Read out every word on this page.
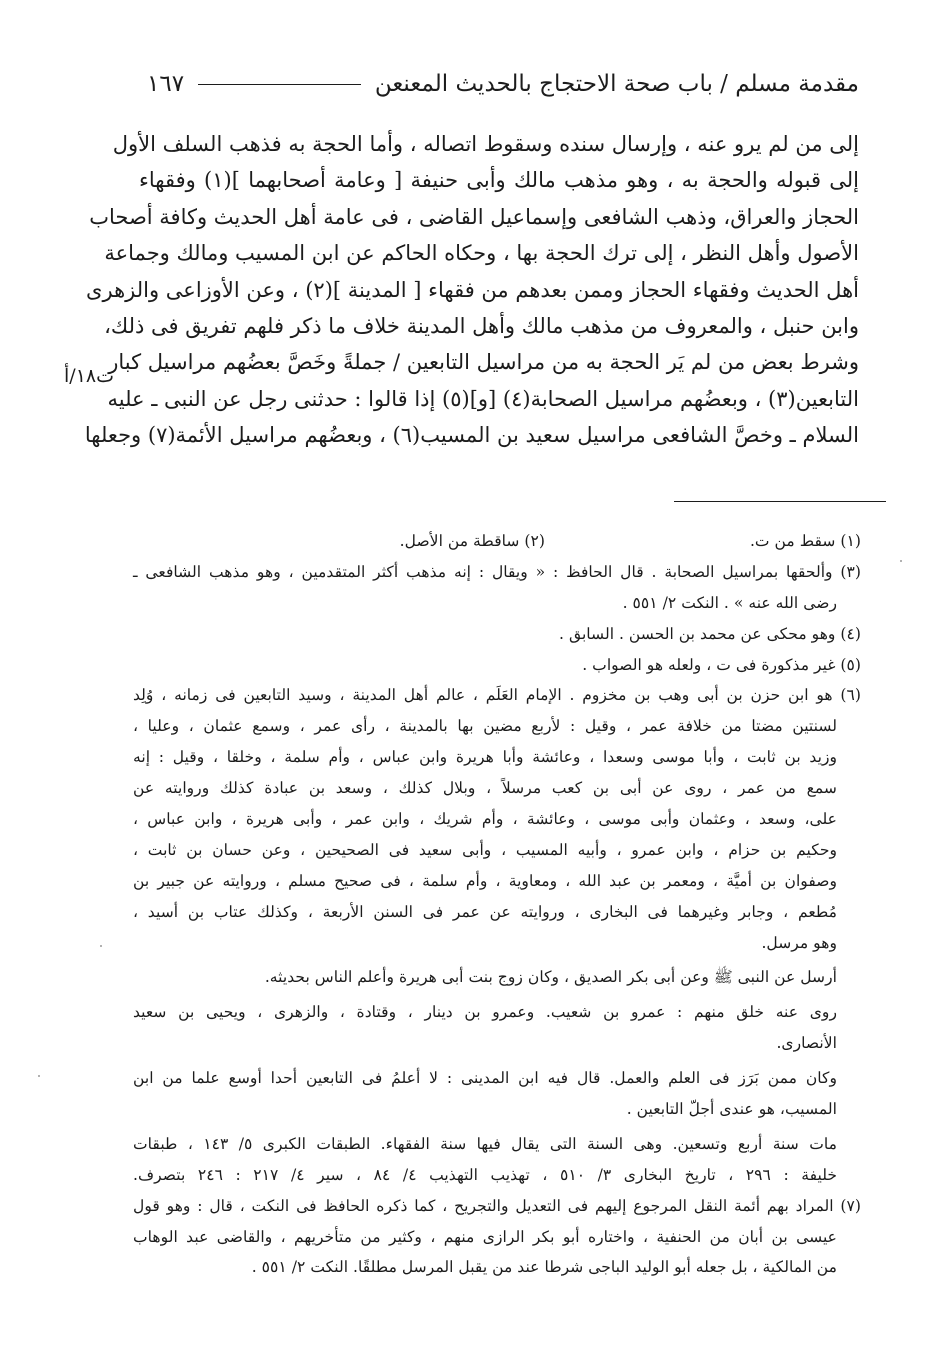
مقدمة مسلم / باب صحة الاحتجاج بالحديث المعنعن
١٦٧
إلى من لم يرو عنه ، وإرسال سنده وسقوط اتصاله ، وأما الحجة به فذهب السلف الأول
إلى قبوله والحجة به ، وهو مذهب مالك وأبى حنيفة [ وعامة أصحابهما ](١) وفقهاء
الحجاز والعراق، وذهب الشافعى وإسماعيل القاضى ، فى عامة أهل الحديث وكافة أصحاب
الأصول وأهل النظر ، إلى ترك الحجة بها ، وحكاه الحاكم عن ابن المسيب ومالك وجماعة
أهل الحديث وفقهاء الحجاز وممن بعدهم من فقهاء [ المدينة ](٢) ، وعن الأوزاعى والزهرى
وابن حنبل ، والمعروف من مذهب مالك وأهل المدينة خلاف ما ذكر فلهم تفريق فى ذلك،
وشرط بعض من لم يَر الحجة به من مراسيل التابعين / جملةً وخَصَّ بعضُهم مراسيل كبار
التابعين(٣) ، وبعضُهم مراسيل الصحابة(٤) [و](٥) إذا قالوا : حدثنى رجل عن النبى ـ عليه
السلام ـ وخصَّ الشافعى مراسيل سعيد بن المسيب(٦) ، وبعضُهم مراسيل الأئمة(٧) وجعلها
ت١٨/أ
(١) سقط من ت.
(٢) ساقطة من الأصل.
(٣) وألحقها بمراسيل الصحابة . قال الحافظ : « ويقال : إنه مذهب أكثر المتقدمين ، وهو مذهب الشافعى ـ
رضى الله عنه » . النكت ٢/ ٥٥١ .
(٤) وهو محكى عن محمد بن الحسن . السابق .
(٥) غير مذكورة فى ت ، ولعله هو الصواب .
(٦) هو ابن حزن بن أبى وهب بن مخزوم . الإمام العَلَم ، عالم أهل المدينة ، وسيد التابعين فى زمانه ، وُلِد
لسنتين مضتا من خلافة عمر ، وقيل : لأربع مضين بها بالمدينة ، رأى عمر ، وسمع عثمان ، وعليا ،
وزيد بن ثابت ، وأبا موسى وسعدا ، وعائشة وأبا هريرة وابن عباس ، وأم سلمة ، وخلقا ، وقيل : إنه
سمع من عمر ، روى عن أبى بن كعب مرسلاً ، وبلال كذلك ، وسعد بن عبادة كذلك وروايته عن
على، وسعد ، وعثمان وأبى موسى ، وعائشة ، وأم شريك ، وابن عمر ، وأبى هريرة ، وابن عباس ،
وحكيم بن حزام ، وابن عمرو ، وأبيه المسيب ، وأبى سعيد فى الصحيحين ، وعن حسان بن ثابت ،
وصفوان بن أميَّة ، ومعمر بن عبد الله ، ومعاوية ، وأم سلمة ، فى صحيح مسلم ، وروايته عن جبير بن
مُطعم ، وجابر وغيرهما فى البخارى ، وروايته عن عمر فى السنن الأربعة ، وكذلك عتاب بن أسيد ،
وهو مرسل.
أرسل عن النبى ﷺ وعن أبى بكر الصديق ، وكان زوج بنت أبى هريرة وأعلم الناس بحديثه.
روى عنه خلق منهم : عمرو بن شعيب. وعمرو بن دينار ، وقتادة ، والزهرى ، ويحيى بن سعيد
الأنصارى.
وكان ممن بَرَز فى العلم والعمل. قال فيه ابن المدينى : لا أعلمُ فى التابعين أحدا أوسع علما من ابن
المسيب، هو عندى أجلّ التابعين .
مات سنة أربع وتسعين. وهى السنة التى يقال فيها سنة الفقهاء. الطبقات الكبرى ٥/ ١٤٣ ، طبقات
خليفة : ٢٩٦ ، تاريخ البخارى ٣/ ٥١٠ ، تهذيب التهذيب ٤/ ٨٤ ، سير ٤/ ٢١٧ : ٢٤٦ بتصرف.
(٧) المراد بهم أئمة النقل المرجوع إليهم فى التعديل والتجريح ، كما ذكره الحافظ فى النكت ، قال : وهو قول
عيسى بن أبان من الحنفية ، واختاره أبو بكر الرازى منهم ، وكثير من متأخريهم ، والقاضى عبد الوهاب
من المالكية ، بل جعله أبو الوليد الباجى شرطا عند من يقبل المرسل مطلقًا. النكت ٢/ ٥٥١ .
